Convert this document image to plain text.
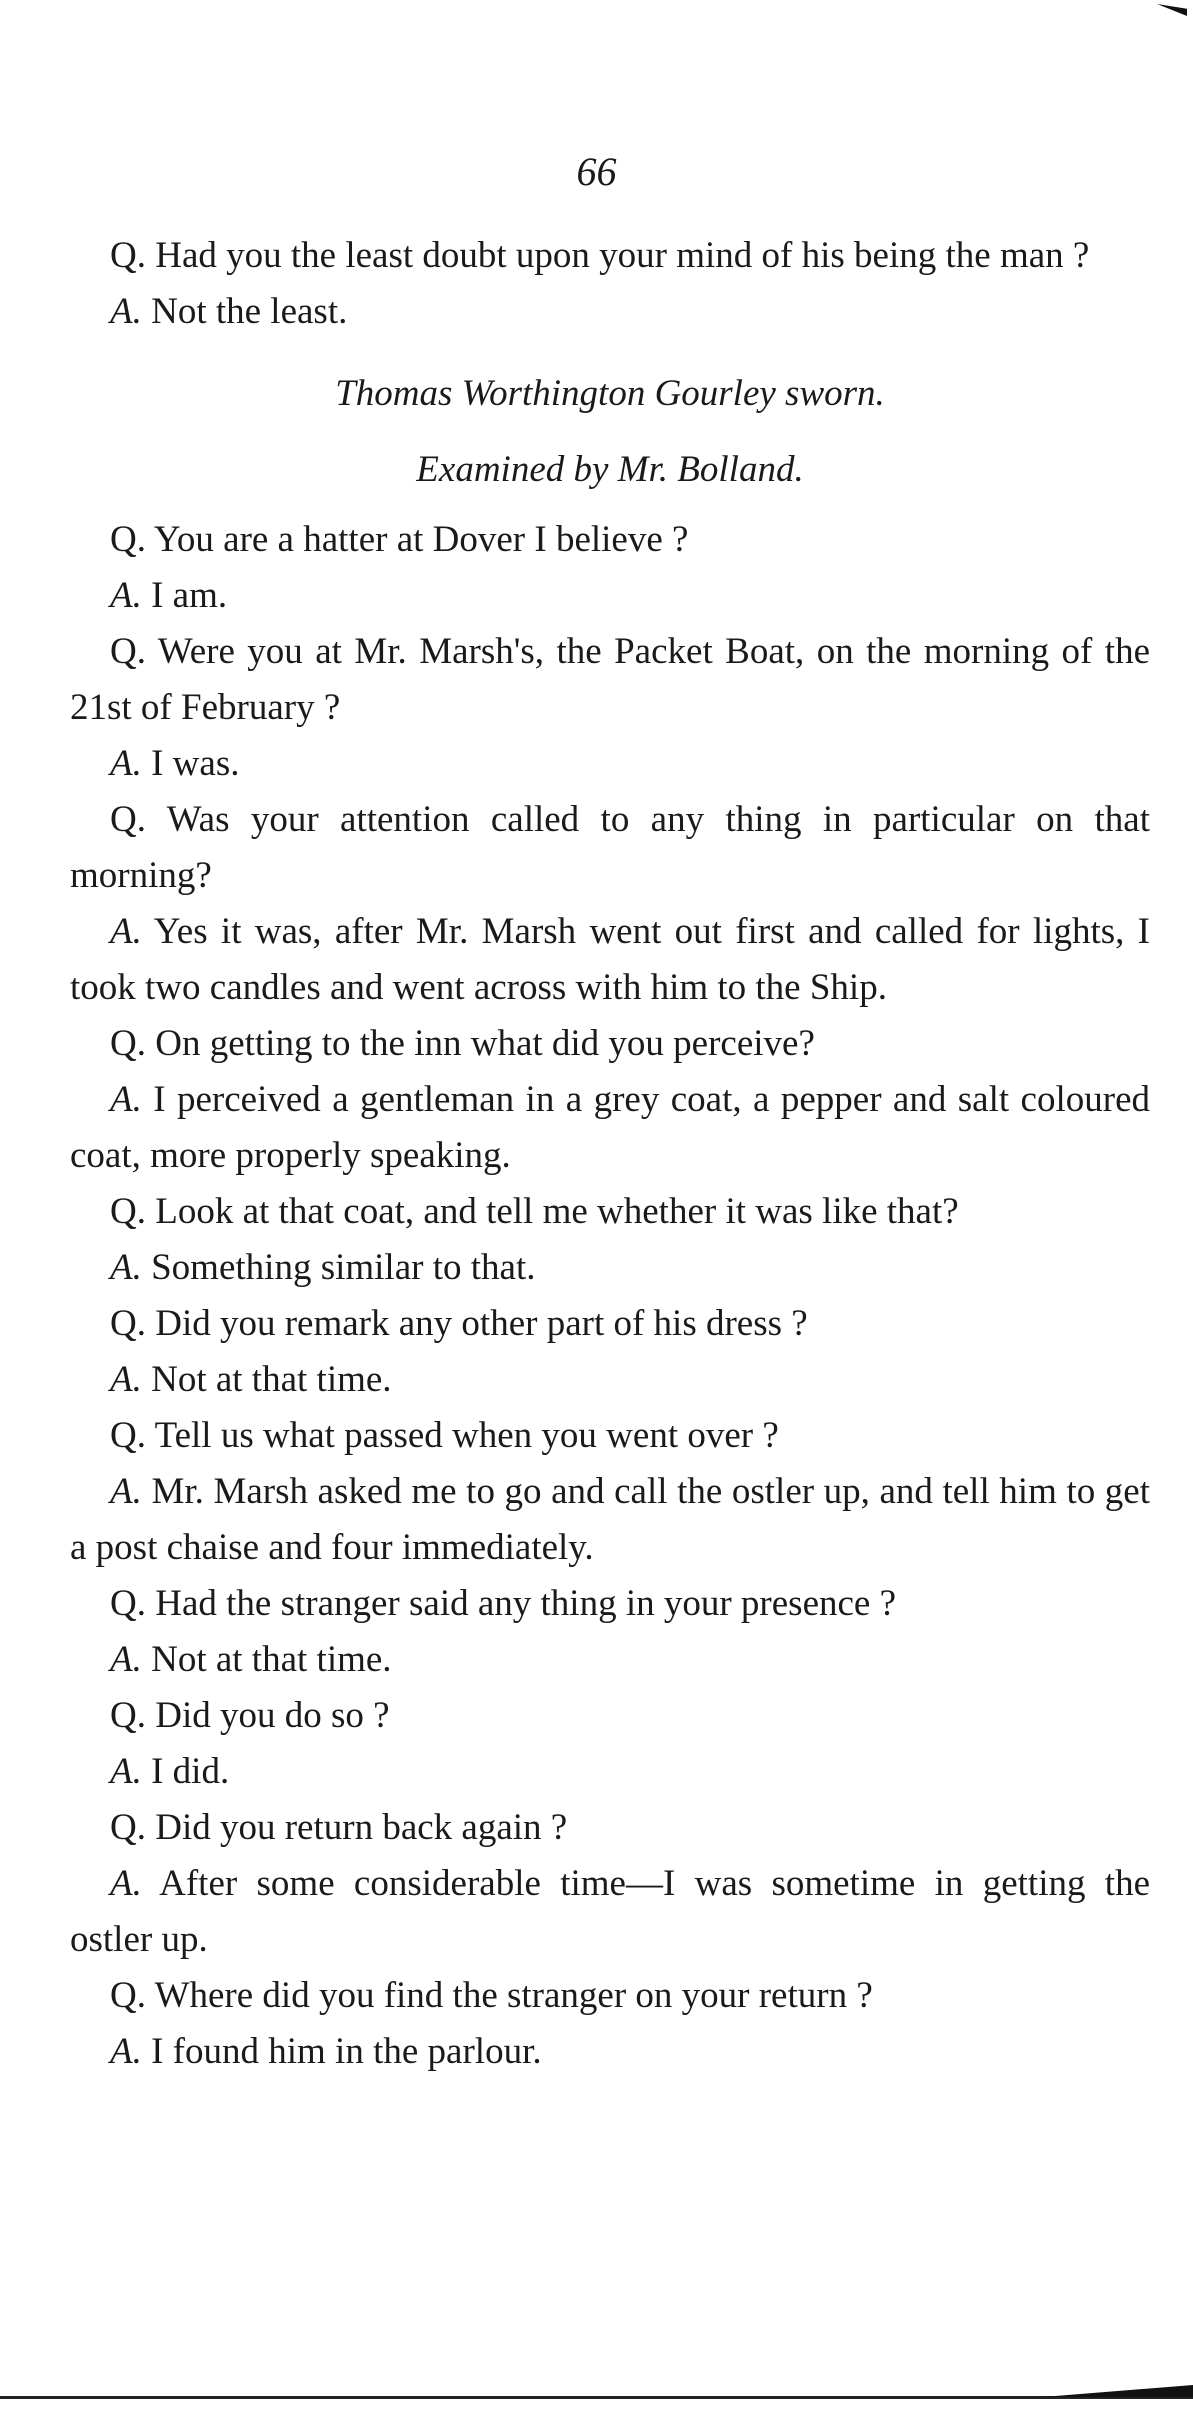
66

Q. Had you the least doubt upon your mind of his being the man ?

A. Not the least.

Thomas Worthington Gourley sworn.

Examined by Mr. Bolland.

Q. You are a hatter at Dover I believe ?

A. I am.

Q. Were you at Mr. Marsh's, the Packet Boat, on the morning of the 21st of February ?

A. I was.

Q. Was your attention called to any thing in particular on that morning?

A. Yes it was, after Mr. Marsh went out first and called for lights, I took two candles and went across with him to the Ship.

Q. On getting to the inn what did you perceive?

A. I perceived a gentleman in a grey coat, a pepper and salt coloured coat, more properly speaking.

Q. Look at that coat, and tell me whether it was like that?

A. Something similar to that.

Q. Did you remark any other part of his dress ?

A. Not at that time.

Q. Tell us what passed when you went over ?

A. Mr. Marsh asked me to go and call the ostler up, and tell him to get a post chaise and four immediately.

Q. Had the stranger said any thing in your presence ?

A. Not at that time.

Q. Did you do so ?

A. I did.

Q. Did you return back again ?

A. After some considerable time—I was sometime in getting the ostler up.

Q. Where did you find the stranger on your return ?

A. I found him in the parlour.
